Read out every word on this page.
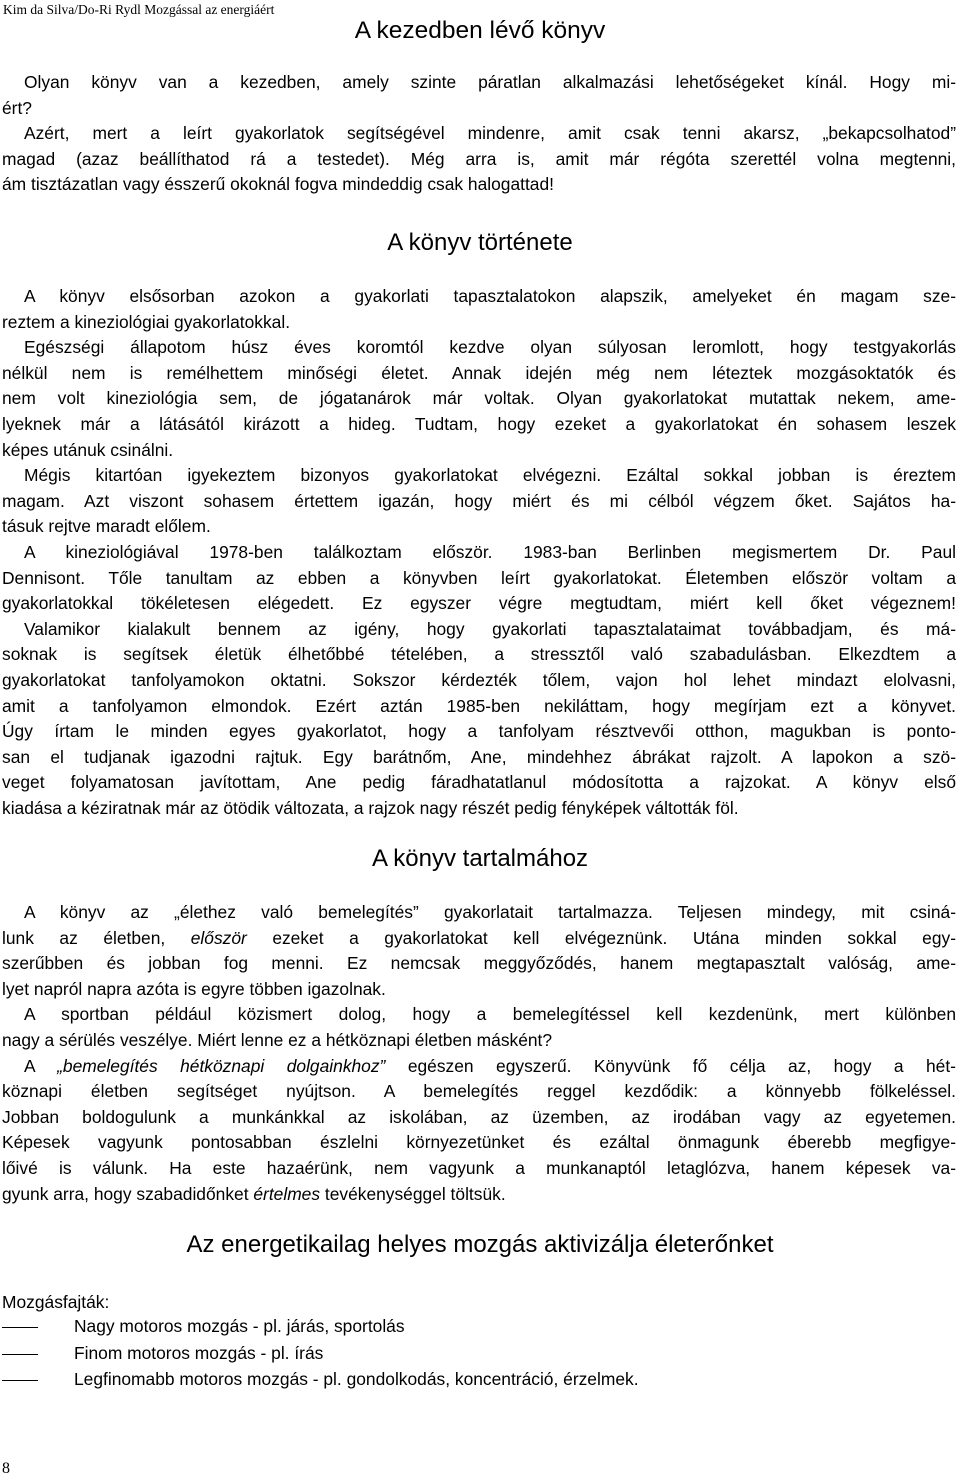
Kim da Silva/Do-Ri Rydl Mozgással az energiáért
A kezedben lévő könyv
Olyan könyv van a kezedben, amely szinte páratlan alkalmazási lehetőségeket kínál. Hogy mi-
ért?
Azért, mert a leírt gyakorlatok segítségével mindenre, amit csak tenni akarsz, „bekapcsolhatod”
magad (azaz beállíthatod rá a testedet). Még arra is, amit már régóta szerettél volna megtenni,
ám tisztázatlan vagy ésszerű okoknál fogva mindeddig csak halogattad!
A könyv története
A könyv elsősorban azokon a gyakorlati tapasztalatokon alapszik, amelyeket én magam sze-
reztem a kineziológiai gyakorlatokkal.
Egészségi állapotom húsz éves koromtól kezdve olyan súlyosan leromlott, hogy testgyakorlás
nélkül nem is remélhettem minőségi életet. Annak idején még nem léteztek mozgásoktatók és
nem volt kineziológia sem, de jógatanárok már voltak. Olyan gyakorlatokat mutattak nekem, ame-
lyeknek már a látásától kirázott a hideg. Tudtam, hogy ezeket a gyakorlatokat én sohasem leszek
képes utánuk csinálni.
Mégis kitartóan igyekeztem bizonyos gyakorlatokat elvégezni. Ezáltal sokkal jobban is éreztem
magam. Azt viszont sohasem értettem igazán, hogy miért és mi célból végzem őket. Sajátos ha-
tásuk rejtve maradt előlem.
A kineziológiával 1978-ben találkoztam először. 1983-ban Berlinben megismertem Dr. Paul
Dennisont. Tőle tanultam az ebben a könyvben leírt gyakorlatokat. Életemben először voltam a
gyakorlatokkal tökéletesen elégedett. Ez egyszer végre megtudtam, miért kell őket végeznem!
Valamikor kialakult bennem az igény, hogy gyakorlati tapasztalataimat továbbadjam, és má-
soknak is segítsek életük élhetőbbé tételében, a stressztől való szabadulásban. Elkezdtem a
gyakorlatokat tanfolyamokon oktatni. Sokszor kérdezték tőlem, vajon hol lehet mindazt elolvasni,
amit a tanfolyamon elmondok. Ezért aztán 1985-ben nekiláttam, hogy megírjam ezt a könyvet.
Úgy írtam le minden egyes gyakorlatot, hogy a tanfolyam résztvevői otthon, magukban is ponto-
san el tudjanak igazodni rajtuk. Egy barátnőm, Ane, mindehhez ábrákat rajzolt. A lapokon a szö-
veget folyamatosan javítottam, Ane pedig fáradhatatlanul módosította a rajzokat. A könyv első
kiadása a kéziratnak már az ötödik változata, a rajzok nagy részét pedig fényképek váltották föl.
A könyv tartalmához
A könyv az „élethez való bemelegítés” gyakorlatait tartalmazza. Teljesen mindegy, mit csiná-
lunk az életben, először ezeket a gyakorlatokat kell elvégeznünk. Utána minden sokkal egy-
szerűbben és jobban fog menni. Ez nemcsak meggyőződés, hanem megtapasztalt valóság, ame-
lyet napról napra azóta is egyre többen igazolnak.
A sportban például közismert dolog, hogy a bemelegítéssel kell kezdenünk, mert különben
nagy a sérülés veszélye. Miért lenne ez a hétköznapi életben másként?
A „bemelegítés hétköznapi dolgainkhoz” egészen egyszerű. Könyvünk fő célja az, hogy a hét-
köznapi életben segítséget nyújtson. A bemelegítés reggel kezdődik: a könnyebb fölkeléssel.
Jobban boldogulunk a munkánkkal az iskolában, az üzemben, az irodában vagy az egyetemen.
Képesek vagyunk pontosabban észlelni környezetünket és ezáltal önmagunk éberebb megfigye-
lőivé is válunk. Ha este hazaérünk, nem vagyunk a munkanaptól letaglózva, hanem képesek va-
gyunk arra, hogy szabadidőnket értelmes tevékenységgel töltsük.
Az energetikailag helyes mozgás aktivizálja életerőnket
Mozgásfajták:
Nagy motoros mozgás - pl. járás, sportolás
Finom motoros mozgás - pl. írás
Legfinomabb motoros mozgás - pl. gondolkodás, koncentráció, érzelmek.
8
